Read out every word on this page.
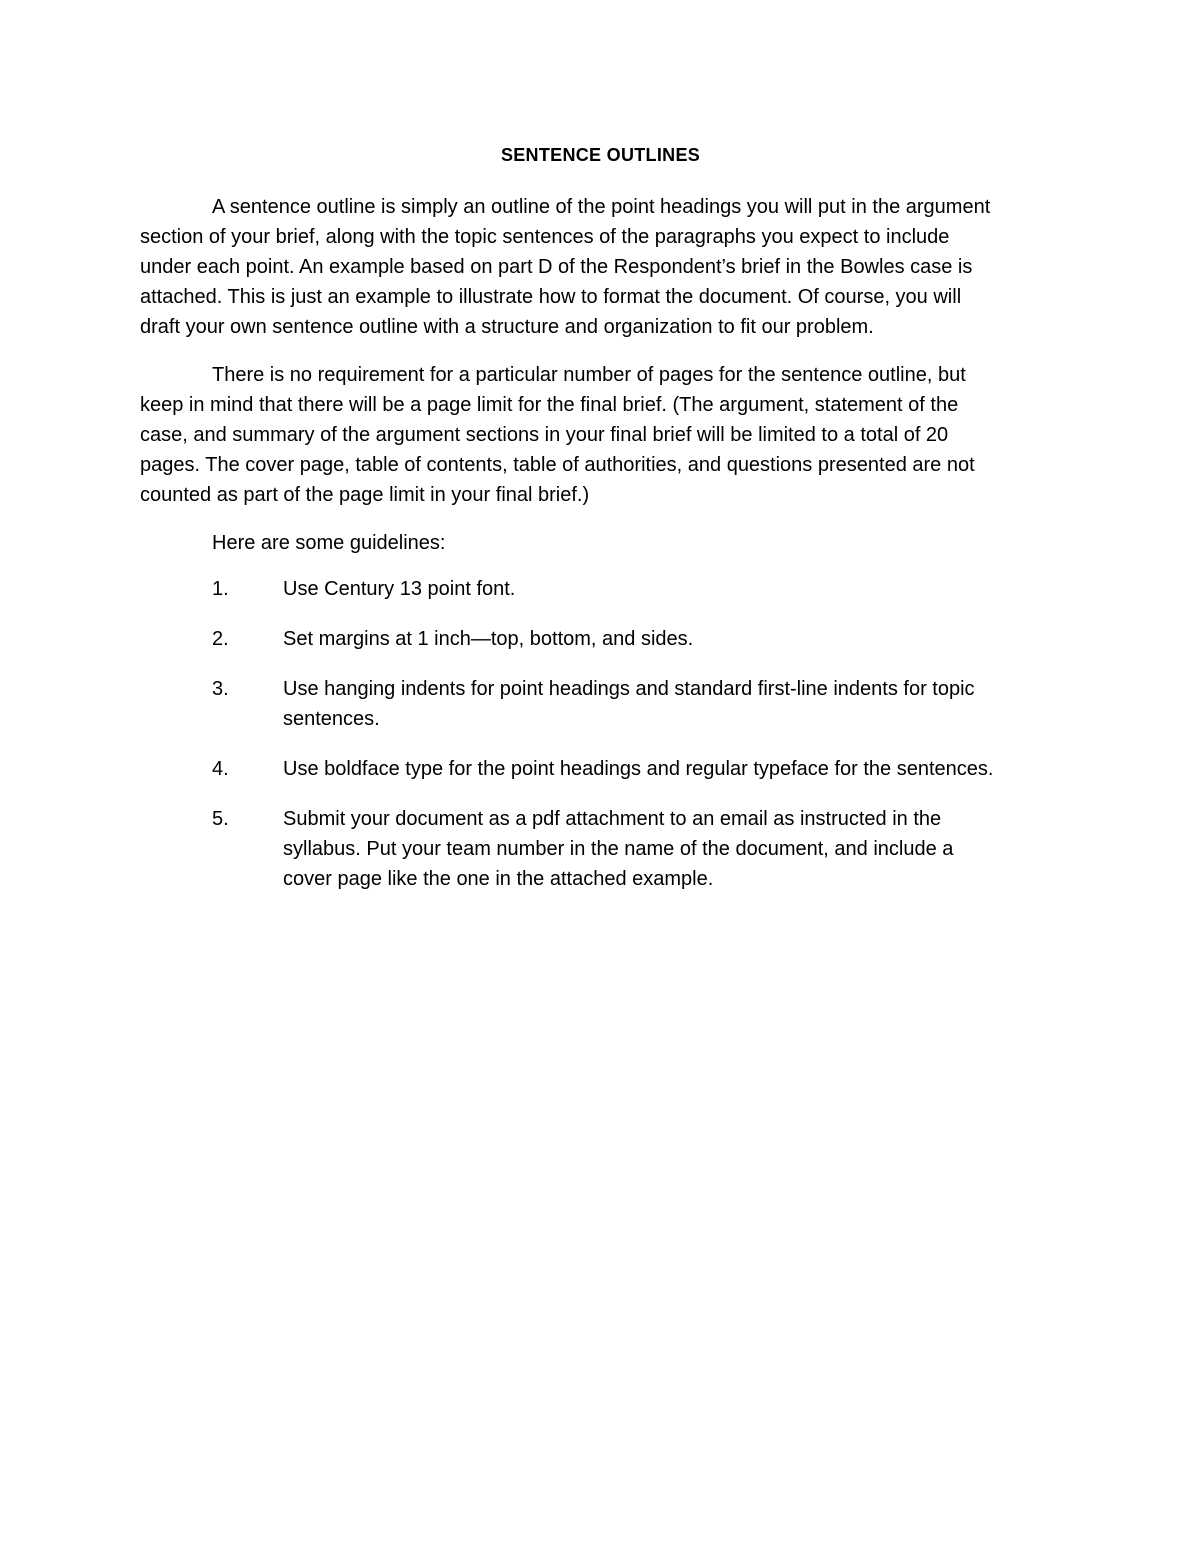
SENTENCE OUTLINES
A sentence outline is simply an outline of the point headings you will put in the argument
section of your brief, along with the topic sentences of the paragraphs you expect to include
under each point. An example based on part D of the Respondent’s brief in the Bowles case is
attached. This is just an example to illustrate how to format the document. Of course, you will
draft your own sentence outline with a structure and organization to fit our problem.
There is no requirement for a particular number of pages for the sentence outline, but
keep in mind that there will be a page limit for the final brief. (The argument, statement of the
case, and summary of the argument sections in your final brief will be limited to a total of 20
pages. The cover page, table of contents, table of authorities, and questions presented are not
counted as part of the page limit in your final brief.)
Here are some guidelines:
1.	Use Century 13 point font.
2.	Set margins at 1 inch—top, bottom, and sides.
3.	Use hanging indents for point headings and standard first-line indents for topic
sentences.
4.	Use boldface type for the point headings and regular typeface for the sentences.
5.	Submit your document as a pdf attachment to an email as instructed in the
syllabus. Put your team number in the name of the document, and include a
cover page like the one in the attached example.
